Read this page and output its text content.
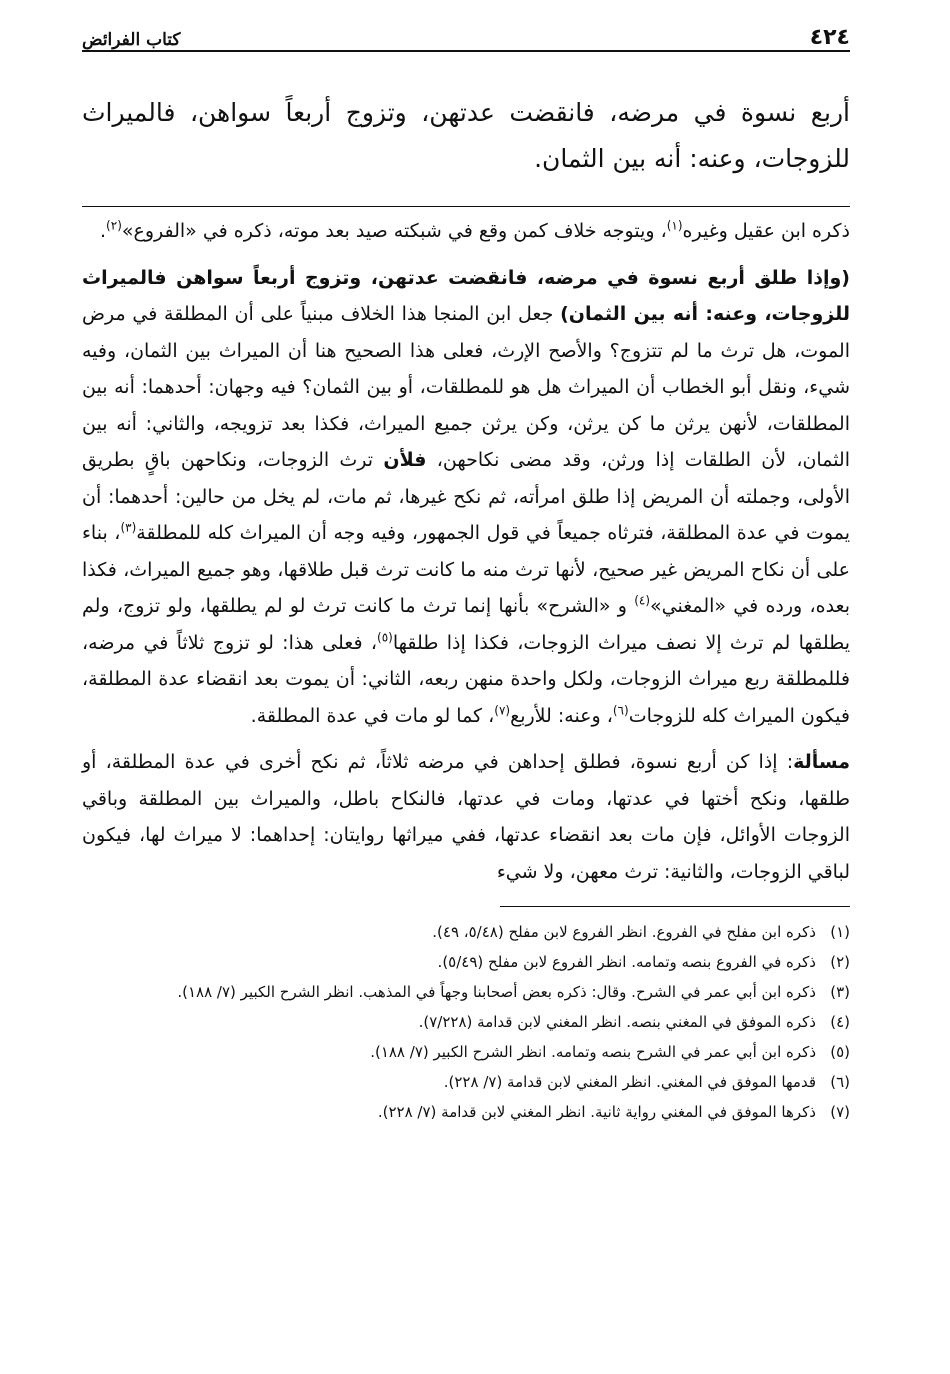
٤٢٤
كتاب الفرائض
أربع نسوة في مرضه، فانقضت عدتهن، وتزوج أربعاً سواهن، فالميراث للزوجات، وعنه: أنه بين الثمان.

ذكره ابن عقيل وغيره$^{(١)}$، ويتوجه خلاف كمن وقع في شبكته صيد بعد موته، ذكره في «الفروع»$^{(٢)}$.

(وإذا طلق أربع نسوة في مرضه، فانقضت عدتهن، وتزوج أربعاً سواهن فالميراث للزوجات، وعنه: أنه بين الثمان) جعل ابن المنجا هذا الخلاف مبنياً على أن المطلقة في مرض الموت، هل ترث ما لم تتزوج؟ والأصح الإرث، فعلى هذا الصحيح هنا أن الميراث بين الثمان، وفيه شيء، ونقل أبو الخطاب أن الميراث هل هو للمطلقات، أو بين الثمان؟ فيه وجهان: أحدهما: أنه بين المطلقات، لأنهن يرثن ما كن يرثن، وكن يرثن جميع الميراث، فكذا بعد تزويجه، والثاني: أنه بين الثمان، لأن الطلقات إذا ورثن، وقد مضى نكاحهن، فلأن ترث الزوجات، ونكاحهن باقٍ بطريق الأولى، وجملته أن المريض إذا طلق امرأته، ثم نكح غيرها، ثم مات، لم يخل من حالين: أحدهما: أن يموت في عدة المطلقة، فترثاه جميعاً في قول الجمهور، وفيه وجه أن الميراث كله للمطلقة$^{(٣)}$، بناء على أن نكاح المريض غير صحيح، لأنها ترث منه ما كانت ترث قبل طلاقها، وهو جميع الميراث، فكذا بعده، ورده في «المغني»$^{(٤)}$ و «الشرح» بأنها إنما ترث ما كانت ترث لو لم يطلقها، ولو تزوج، ولم يطلقها لم ترث إلا نصف ميراث الزوجات، فكذا إذا طلقها$^{(٥)}$، فعلى هذا: لو تزوج ثلاثاً في مرضه، فللمطلقة ربع ميراث الزوجات، ولكل واحدة منهن ربعه، الثاني: أن يموت بعد انقضاء عدة المطلقة، فيكون الميراث كله للزوجات$^{(٦)}$، وعنه: للأربع$^{(٧)}$، كما لو مات في عدة المطلقة.

مسألة: إذا كن أربع نسوة، فطلق إحداهن في مرضه ثلاثاً، ثم نكح أخرى في عدة المطلقة، أو طلقها، ونكح أختها في عدتها، ومات في عدتها، فالنكاح باطل، والميراث بين المطلقة وباقي الزوجات الأوائل، فإن مات بعد انقضاء عدتها، ففي ميراثها روايتان: إحداهما: لا ميراث لها، فيكون لباقي الزوجات، والثانية: ترث معهن، ولا شيء

(١)
ذكره ابن مفلح في الفروع. انظر الفروع لابن مفلح (٥/٤٨، ٤٩).
(٢)
ذكره في الفروع بنصه وتمامه. انظر الفروع لابن مفلح (٥/٤٩).
(٣)
ذكره ابن أبي عمر في الشرح. وقال: ذكره بعض أصحابنا وجهاً في المذهب. انظر الشرح الكبير (٧/ ١٨٨).
(٤)
ذكره الموفق في المغني بنصه. انظر المغني لابن قدامة (٧/٢٢٨).
(٥)
ذكره ابن أبي عمر في الشرح بنصه وتمامه. انظر الشرح الكبير (٧/ ١٨٨).
(٦)
قدمها الموفق في المغني. انظر المغني لابن قدامة (٧/ ٢٢٨).
(٧)
ذكرها الموفق في المغني رواية ثانية. انظر المغني لابن قدامة (٧/ ٢٢٨).
